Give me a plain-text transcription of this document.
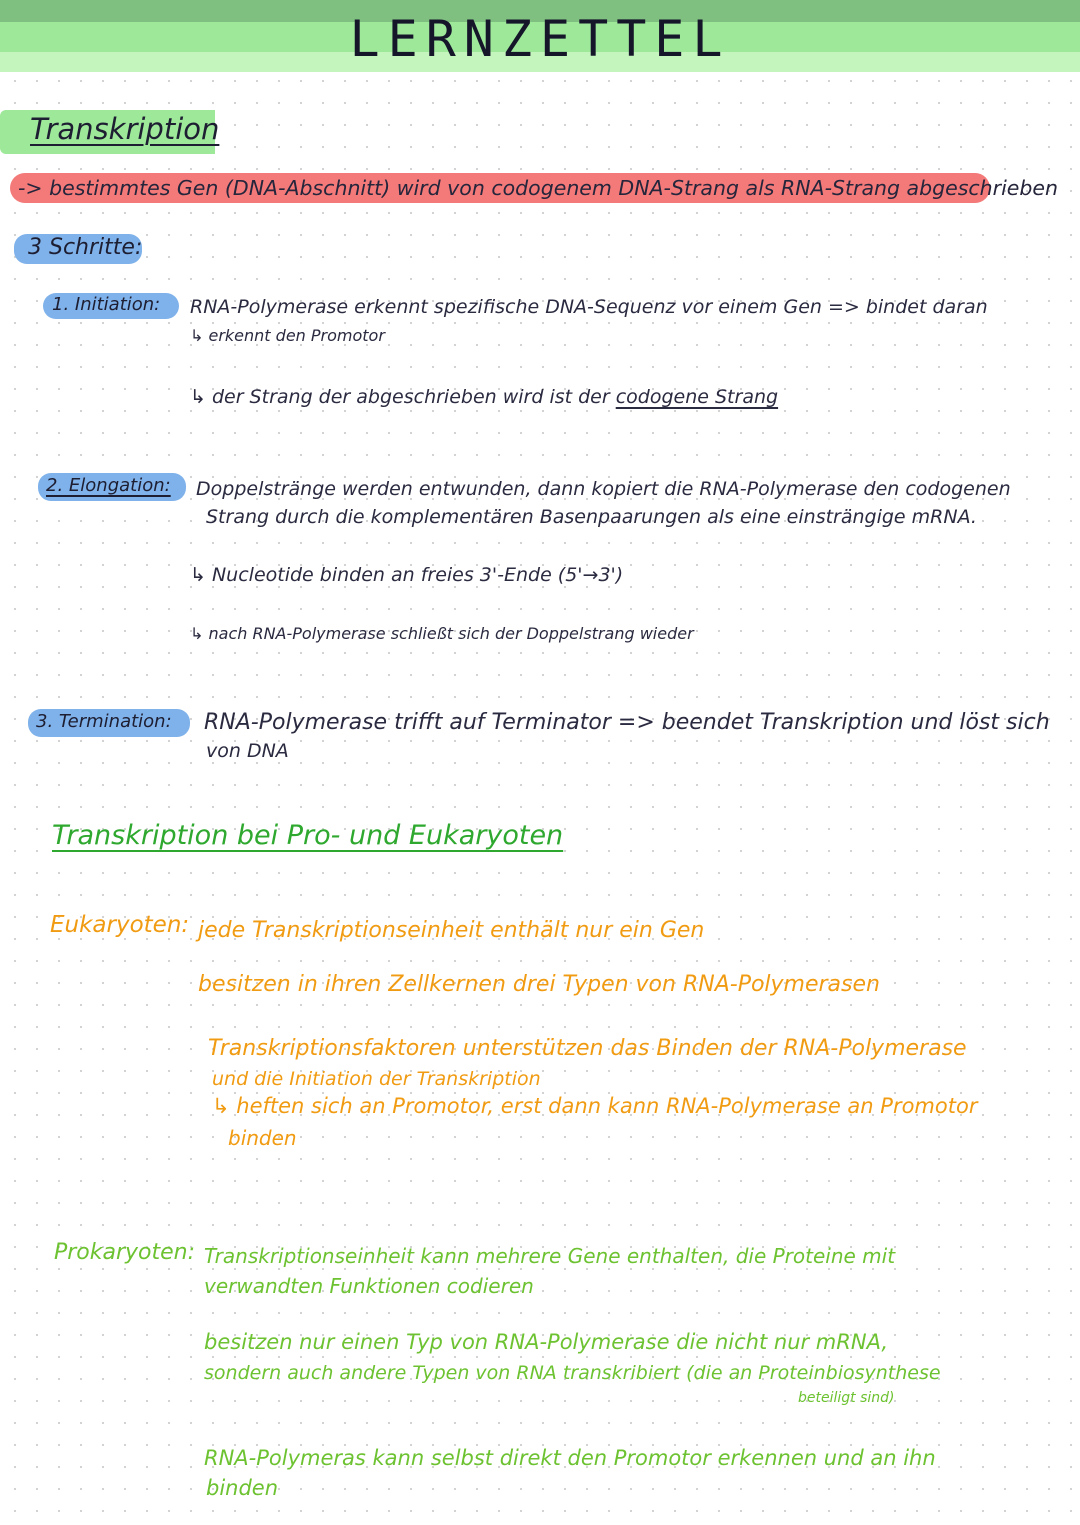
LERNZETTEL
Transkription
-> bestimmtes Gen (DNA-Abschnitt) wird von codogenem DNA-Strang als RNA-Strang abgeschrieben
3 Schritte:
1. Initiation: RNA-Polymerase erkennt spezifische DNA-Sequenz vor einem Gen => bindet daran
↳ erkennt den Promotor
↳ der Strang der abgeschrieben wird ist der codogene Strang
2. Elongation: Doppelstränge werden entwunden, dann kopiert die RNA-Polymerase den codogenen
Strang durch die komplementären Basenpaarungen als eine einsträngige mRNA.
↳ Nucleotide binden an freies 3'-Ende (5'→3')
↳ nach RNA-Polymerase schließt sich der Doppelstrang wieder
3. Termination: RNA-Polymerase trifft auf Terminator => beendet Transkription und löst sich
von DNA
Transkription bei Pro- und Eukaryoten
Eukaryoten: jede Transkriptionseinheit enthält nur ein Gen
besitzen in ihren Zellkernen drei Typen von RNA-Polymerasen
Transkriptionsfaktoren unterstützen das Binden der RNA-Polymerase
und die Initiation der Transkription
↳ heften sich an Promotor, erst dann kann RNA-Polymerase an Promotor
binden
Prokaryoten: Transkriptionseinheit kann mehrere Gene enthalten, die Proteine mit
verwandten Funktionen codieren
besitzen nur einen Typ von RNA-Polymerase die nicht nur mRNA,
sondern auch andere Typen von RNA transkribiert (die an Proteinbiosynthese
beteiligt sind)
RNA-Polymeras kann selbst direkt den Promotor erkennen und an ihn
binden
